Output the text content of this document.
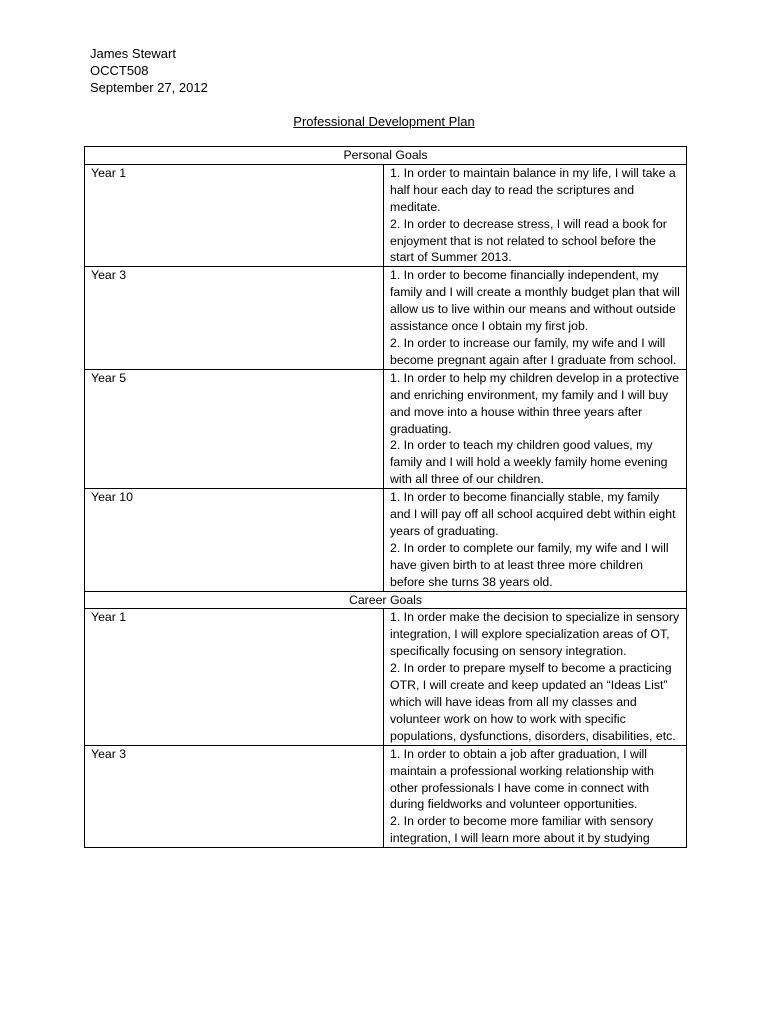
James Stewart
OCCT508
September 27, 2012
Professional Development Plan
Personal Goals	
Year 1	1. In order to maintain balance in my life, I will take a half hour each day to read the scriptures and meditate.
2. In order to decrease stress, I will read a book for enjoyment that is not related to school before the start of Summer 2013.

Year 3	1. In order to become financially independent, my family and I will create a monthly budget plan that will allow us to live within our means and without outside assistance once I obtain my first job.
2. In order to increase our family, my wife and I will become pregnant again after I graduate from school.

Year 5	1. In order to help my children develop in a protective and enriching environment, my family and I will buy and move into a house within three years after graduating.
2. In order to teach my children good values, my family and I will hold a weekly family home evening with all three of our children.

Year 10	1. In order to become financially stable, my family and I will pay off all school acquired debt within eight years of graduating.
2. In order to complete our family, my wife and I will have given birth to at least three more children before she turns 38 years old.

Career Goals	
Year 1	1. In order make the decision to specialize in sensory integration, I will explore specialization areas of OT, specifically focusing on sensory integration.
2. In order to prepare myself to become a practicing OTR, I will create and keep updated an “Ideas List” which will have ideas from all my classes and volunteer work on how to work with specific populations, dysfunctions, disorders, disabilities, etc.

Year 3	1. In order to obtain a job after graduation, I will maintain a professional working relationship with other professionals I have come in connect with during fieldworks and volunteer opportunities.
2. In order to become more familiar with sensory integration, I will learn more about it by studying
